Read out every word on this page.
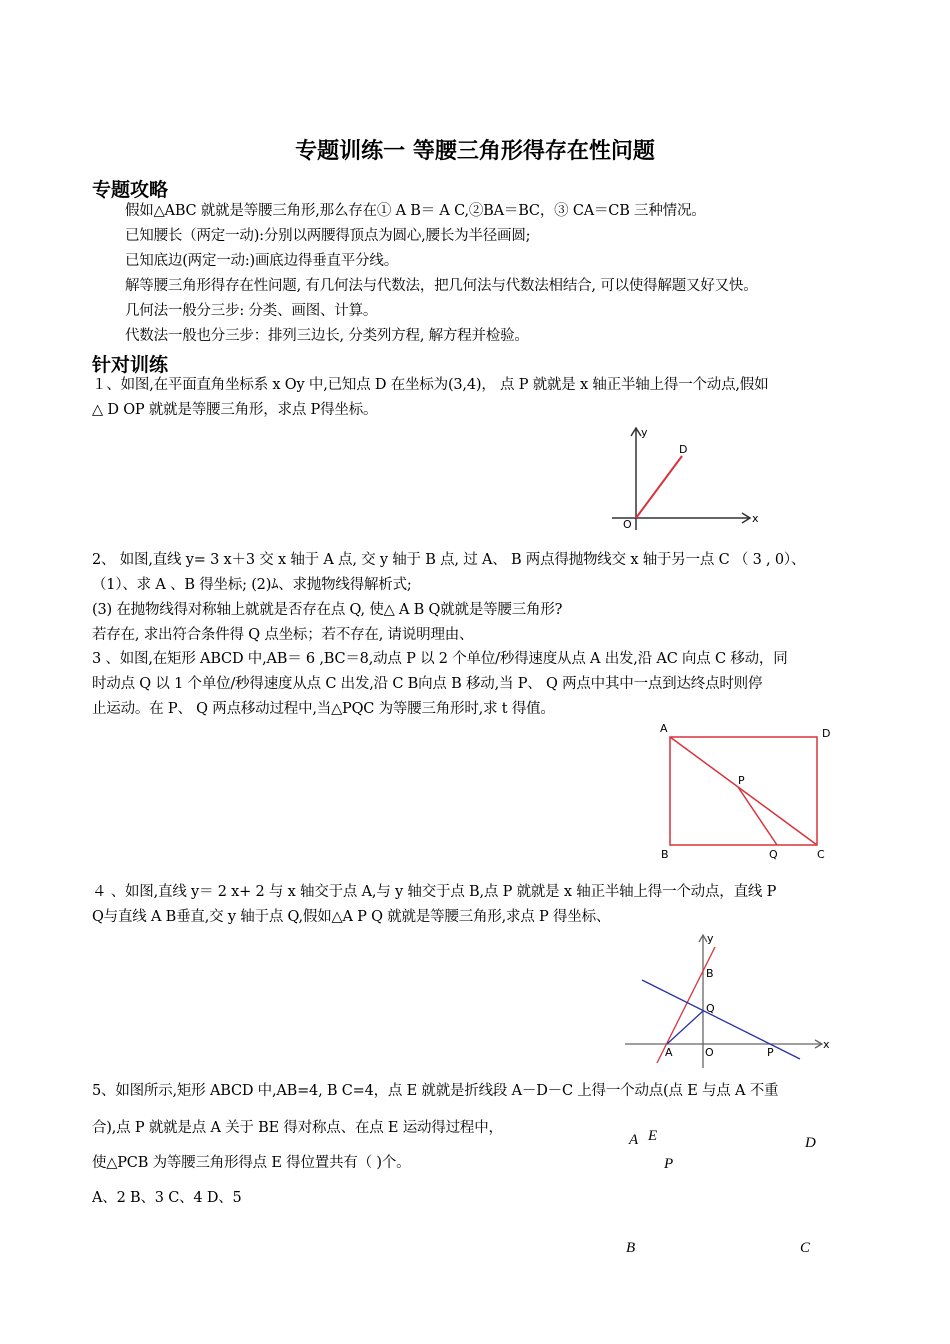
专题训练一 等腰三角形得存在性问题
专题攻略
假如△ABC 就就是等腰三角形,那么存在① A B＝ A C,②BA＝BC，③ CA＝CB 三种情况。
已知腰长（两定一动):分别以两腰得顶点为圆心,腰长为半径画圆;
已知底边(两定一动:)画底边得垂直平分线。
解等腰三角形得存在性问题, 有几何法与代数法，把几何法与代数法相结合, 可以使得解题又好又快。
几何法一般分三步: 分类、画图、计算。
代数法一般也分三步：排列三边长, 分类列方程, 解方程并检验。
针对训练
１、如图,在平面直角坐标系 x Oy 中,已知点 D 在坐标为(3,4)， 点 P 就就是 x 轴正半轴上得一个动点,假如
△ D OP 就就是等腰三角形，求点 P得坐标。
2、 如图,直线 y= 3 x＋3 交 x 轴于 A 点, 交 y 轴于 B 点, 过 A、 B 两点得抛物线交 x 轴于另一点 C （ 3 , 0）、
（1）、求 A 、B 得坐标; (2)ﾑ、求抛物线得解析式;
(3) 在抛物线得对称轴上就就是否存在点 Q, 使△ A B Q就就是等腰三角形?
若存在, 求出符合条件得 Q 点坐标；若不存在, 请说明理由、
3 、如图,在矩形 ABCD 中,AB＝ 6 ,BC＝8,动点 P 以 2 个单位/秒得速度从点 A 出发,沿 AC 向点 C 移动，同
时动点 Q 以 1 个单位/秒得速度从点 C 出发,沿 C B向点 B 移动,当 P、 Q 两点中其中一点到达终点时则停
止运动。在 P、 Q 两点移动过程中,当△PQC 为等腰三角形时,求 t 得值。
４ 、如图,直线 y＝ 2 x+ 2 与 x 轴交于点 A,与 y 轴交于点 B,点 P 就就是 x 轴正半轴上得一个动点，直线 P
Q与直线 A B垂直,交 y 轴于点 Q,假如△A P Q 就就是等腰三角形,求点 P 得坐标、
5、如图所示,矩形 ABCD 中,AB=4, B C=4，点 E 就就是折线段 A－D－C 上得一个动点(点 E 与点 A 不重
合),点 P 就就是点 A 关于 BE 得对称点、在点 E 运动得过程中，
使△PCB 为等腰三角形得点 E 得位置共有（ )个。
A、2 B、3 C、4 D、5
y
D
O	x
A	D
B	C
Q
P
y
x
B
Q
A	O	P
A E	D
P
B	C
